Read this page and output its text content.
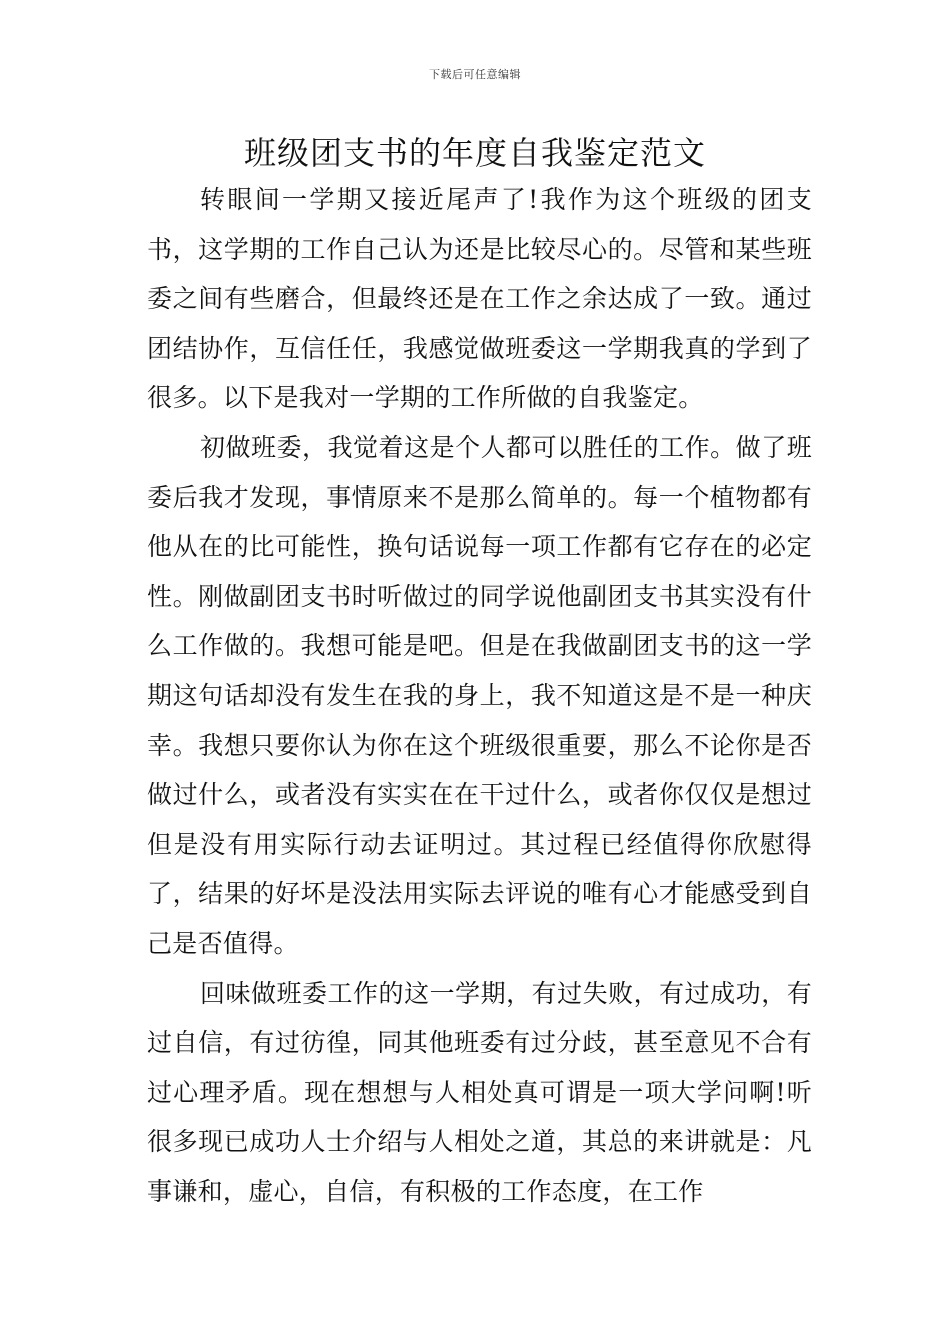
下载后可任意编辑
班级团支书的年度自我鉴定范文

转眼间一学期又接近尾声了!我作为这个班级的团支书，这学期的工作自己认为还是比较尽心的。尽管和某些班委之间有些磨合，但最终还是在工作之余达成了一致。通过团结协作，互信任任，我感觉做班委这一学期我真的学到了很多。以下是我对一学期的工作所做的自我鉴定。

初做班委，我觉着这是个人都可以胜任的工作。做了班委后我才发现，事情原来不是那么简单的。每一个植物都有他从在的比可能性，换句话说每一项工作都有它存在的必定性。刚做副团支书时听做过的同学说他副团支书其实没有什么工作做的。我想可能是吧。但是在我做副团支书的这一学期这句话却没有发生在我的身上，我不知道这是不是一种庆幸。我想只要你认为你在这个班级很重要，那么不论你是否做过什么，或者没有实实在在干过什么，或者你仅仅是想过但是没有用实际行动去证明过。其过程已经值得你欣慰得了，结果的好坏是没法用实际去评说的唯有心才能感受到自己是否值得。

回味做班委工作的这一学期，有过失败，有过成功，有过自信，有过彷徨，同其他班委有过分歧，甚至意见不合有过心理矛盾。现在想想与人相处真可谓是一项大学问啊!听很多现已成功人士介绍与人相处之道，其总的来讲就是：凡事谦和，虚心，自信，有积极的工作态度，在工作
